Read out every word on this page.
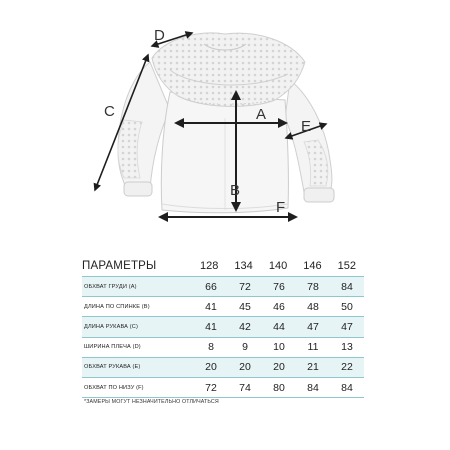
A
B
C
D
E
F
ПАРАМЕТРЫ	128	134	140	146	152
ОБХВАТ ГРУДИ (А)	66	72	76	78	84
ДЛИНА ПО СПИНКЕ (B)	41	45	46	48	50
ДЛИНА РУКАВА (С)	41	42	44	47	47
ШИРИНА ПЛЕЧА (D)	8	9	10	11	13
ОБХВАТ РУКАВА (Е)	20	20	20	21	22
ОБХВАТ ПО НИЗУ (F)	72	74	80	84	84
*ЗАМЕРЫ МОГУТ НЕЗНАЧИТЕЛЬНО ОТЛИЧАТЬСЯ
